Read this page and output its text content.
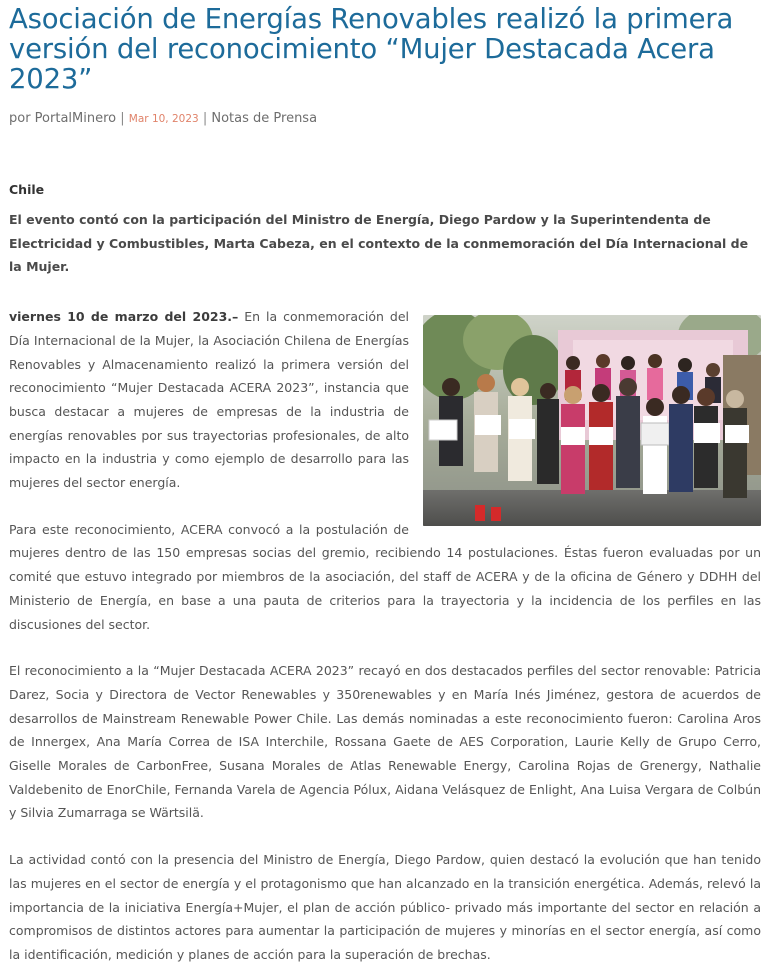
Asociación de Energías Renovables realizó la primera versión del reconocimiento “Mujer Destacada Acera 2023”
por PortalMinero | Mar 10, 2023 | Notas de Prensa
Chile
El evento contó con la participación del Ministro de Energía, Diego Pardow y la Superintendenta de Electricidad y Combustibles, Marta Cabeza, en el contexto de la conmemoración del Día Internacional de la Mujer.

viernes 10 de marzo del 2023.– En la conmemoración del Día Internacional de la Mujer, la Asociación Chilena de Energías Renovables y Almacenamiento realizó la primera versión del reconocimiento “Mujer Destacada ACERA 2023”, instancia que busca destacar a mujeres de empresas de la industria de energías renovables por sus trayectorias profesionales, de alto impacto en la industria y como ejemplo de desarrollo para las mujeres del sector energía.

Para este reconocimiento, ACERA convocó a la postulación de mujeres dentro de las 150 empresas socias del gremio, recibiendo 14 postulaciones. Éstas fueron evaluadas por un comité que estuvo integrado por miembros de la asociación, del staff de ACERA y de la oficina de Género y DDHH del Ministerio de Energía, en base a una pauta de criterios para la trayectoria y la incidencia de los perfiles en las discusiones del sector.

El reconocimiento a la “Mujer Destacada ACERA 2023” recayó en dos destacados perfiles del sector renovable: Patricia Darez, Socia y Directora de Vector Renewables y 350renewables y en María Inés Jiménez, gestora de acuerdos de desarrollos de Mainstream Renewable Power Chile. Las demás nominadas a este reconocimiento fueron: Carolina Aros de Innergex, Ana María Correa de ISA Interchile, Rossana Gaete de AES Corporation, Laurie Kelly de Grupo Cerro, Giselle Morales de CarbonFree, Susana Morales de Atlas Renewable Energy, Carolina Rojas de Grenergy, Nathalie Valdebenito de EnorChile, Fernanda Varela de Agencia Pólux, Aidana Velásquez de Enlight, Ana Luisa Vergara de Colbún y Silvia Zumarraga se Wärtsilä.

La actividad contó con la presencia del Ministro de Energía, Diego Pardow, quien destacó la evolución que han tenido las mujeres en el sector de energía y el protagonismo que han alcanzado en la transición energética. Además, relevó la importancia de la iniciativa Energía+Mujer, el plan de acción público- privado más importante del sector en relación a compromisos de distintos actores para aumentar la participación de mujeres y minorías en el sector energía, así como la identificación, medición y planes de acción para la superación de brechas.
